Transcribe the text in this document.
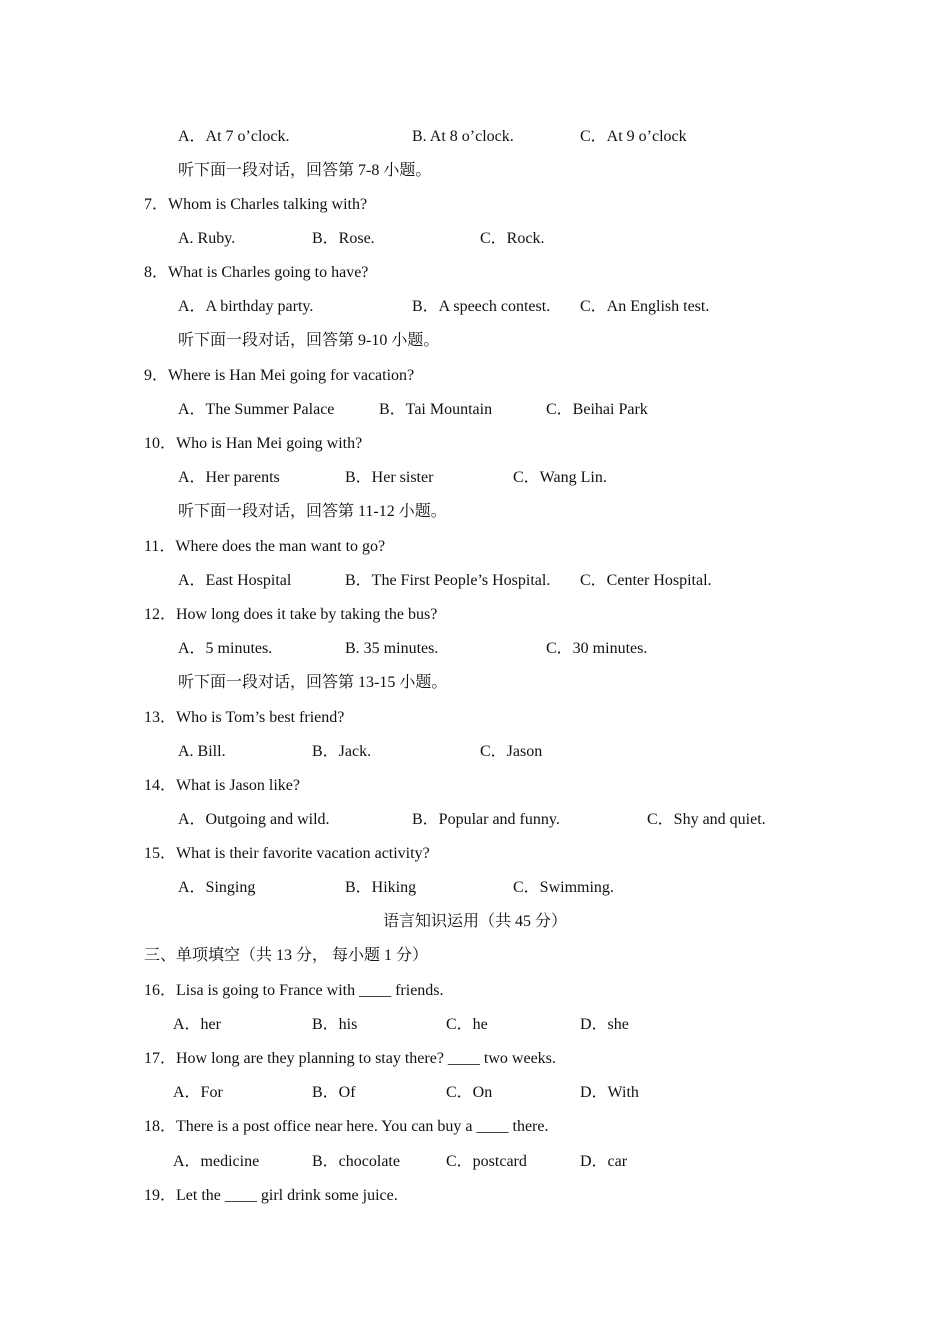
A．At 7 o’clock.	B. At 8 o’clock.	C．At 9 o’clock
听下面一段对话，回答第 7-8 小题。
7．Whom is Charles talking with?
A. Ruby.	B．Rose.	C．Rock.
8．What is Charles going to have?
A．A birthday party.	B．A speech contest. C．An English test.
听下面一段对话，回答第 9-10 小题。
9．Where is Han Mei going for vacation?
A．The Summer Palace	B．Tai Mountain	C．Beihai Park
10．Who is Han Mei going with?
A．Her parents	B．Her sister	C．Wang Lin.
听下面一段对话，回答第 11-12 小题。
11．Where does the man want to go?
A．East Hospital	B．The First People’s Hospital. C．Center Hospital.
12．How long does it take by taking the bus?
A．5 minutes.	B. 35 minutes.	C．30 minutes.
听下面一段对话，回答第 13-15 小题。
13．Who is Tom’s best friend?
A. Bill.	B．Jack.	C．Jason
14．What is Jason like?
A．Outgoing and wild.	B．Popular and funny.	C．Shy and quiet.
15．What is their favorite vacation activity?
A．Singing	B．Hiking	C．Swimming.
语言知识运用（共 45 分）
三、单项填空（共 13 分， 每小题 1 分）
16．Lisa is going to France with ____ friends.
A．her	B．his	C．he	D．she
17．How long are they planning to stay there? ____ two weeks.
A．For	B．Of	C．On	D．With
18．There is a post office near here. You can buy a ____ there.
A．medicine	B．chocolate	C．postcard	D．car
19．Let the ____ girl drink some juice.
